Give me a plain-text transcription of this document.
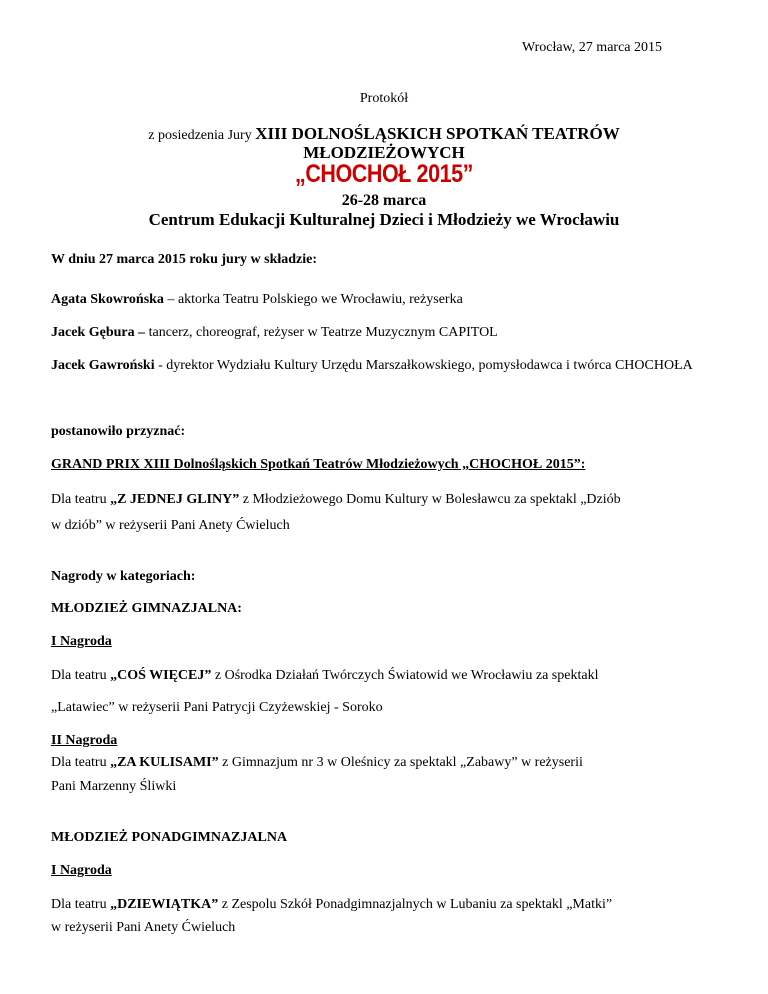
Wrocław, 27 marca 2015
Protokół
z posiedzenia Jury XIII DOLNOŚLĄSKICH SPOTKAŃ TEATRÓW
MŁODZIEŻOWYCH
„CHOCHOŁ 2015”
26-28 marca
Centrum Edukacji Kulturalnej Dzieci i Młodzieży we Wrocławiu
W dniu 27 marca 2015 roku jury w składzie:
Agata Skowrońska – aktorka Teatru Polskiego we Wrocławiu, reżyserka
Jacek Gębura – tancerz, choreograf, reżyser w Teatrze Muzycznym CAPITOL
Jacek Gawroński - dyrektor Wydziału Kultury Urzędu Marszałkowskiego, pomysłodawca i twórca CHOCHOŁA
postanowiło przyznać:
GRAND PRIX XIII Dolnośląskich Spotkań Teatrów Młodzieżowych „CHOCHOŁ 2015”:
Dla teatru „Z JEDNEJ GLINY” z Młodzieżowego Domu Kultury w Bolesławcu za spektakl „Dziób
w dziób” w reżyserii Pani Anety Ćwieluch
Nagrody w kategoriach:
MŁODZIEŻ GIMNAZJALNA:
I Nagroda
Dla teatru „COŚ WIĘCEJ” z Ośrodka Działań Twórczych Światowid we Wrocławiu za spektakl
„Latawiec” w reżyserii Pani Patrycji Czyżewskiej - Soroko
II Nagroda
Dla teatru „ZA KULISAMI” z Gimnazjum nr 3 w Oleśnicy za spektakl „Zabawy” w reżyserii
Pani Marzenny Śliwki
MŁODZIEŻ PONADGIMNAZJALNA
I Nagroda
Dla teatru „DZIEWIĄTKA” z Zespolu Szkół Ponadgimnazjalnych w Lubaniu za spektakl „Matki”
w reżyserii Pani Anety Ćwieluch
